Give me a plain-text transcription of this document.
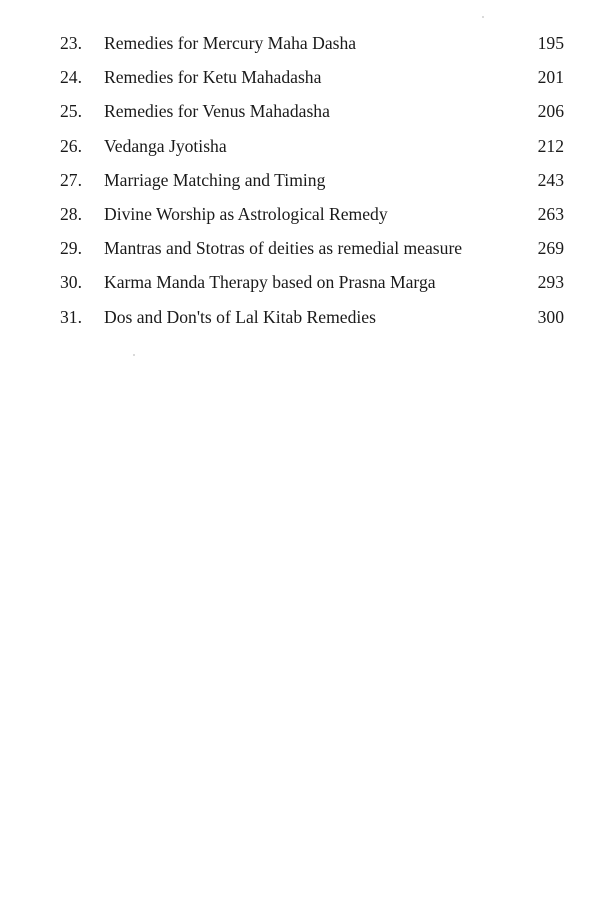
23.	Remedies for Mercury Maha Dasha	195
24.	Remedies for Ketu Mahadasha	201
25.	Remedies for Venus Mahadasha	206
26.	Vedanga Jyotisha	212
27.	Marriage Matching and Timing	243
28.	Divine Worship as Astrological Remedy	263
29.	Mantras and Stotras of deities as remedial measure	269
30.	Karma Manda Therapy based on Prasna Marga	293
31.	Dos and Don'ts of Lal Kitab Remedies	300
